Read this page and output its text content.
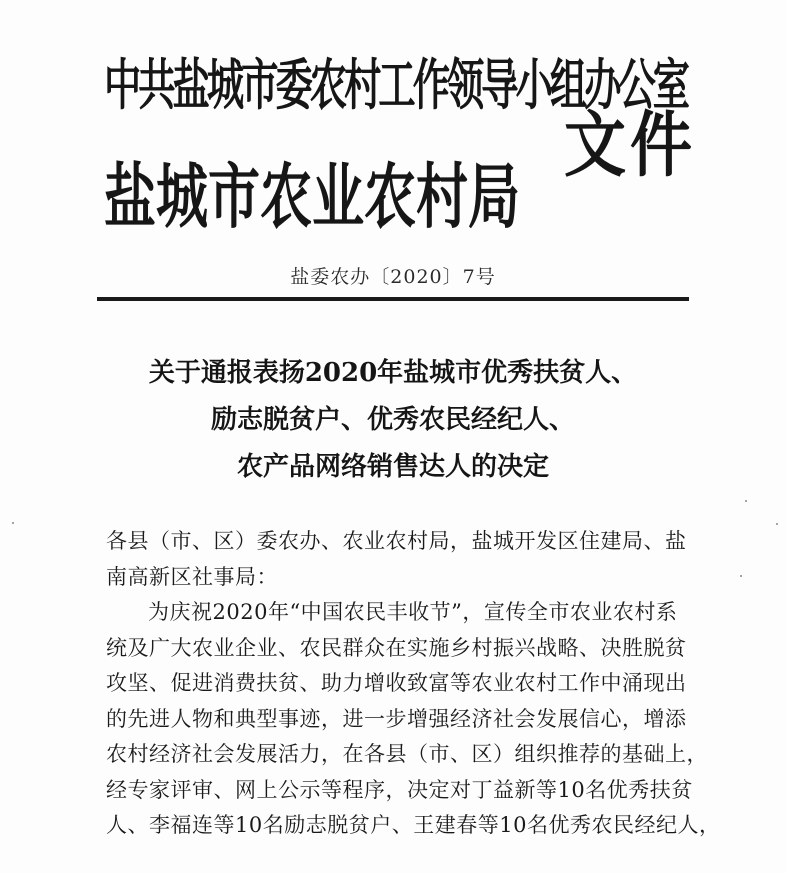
中共盐城市委农村工作领导小组办公室
盐城市农业农村局
文件
盐委农办〔2020〕7号
关于通报表扬2020年盐城市优秀扶贫人、
励志脱贫户、优秀农民经纪人、
农产品网络销售达人的决定
各县（市、区）委农办、农业农村局，盐城开发区住建局、盐
南高新区社事局：
为庆祝2020年“中国农民丰收节”，宣传全市农业农村系
统及广大农业企业、农民群众在实施乡村振兴战略、决胜脱贫
攻坚、促进消费扶贫、助力增收致富等农业农村工作中涌现出
的先进人物和典型事迹，进一步增强经济社会发展信心，增添
农村经济社会发展活力，在各县（市、区）组织推荐的基础上，
经专家评审、网上公示等程序，决定对丁益新等10名优秀扶贫
人、李福连等10名励志脱贫户、王建春等10名优秀农民经纪人，
